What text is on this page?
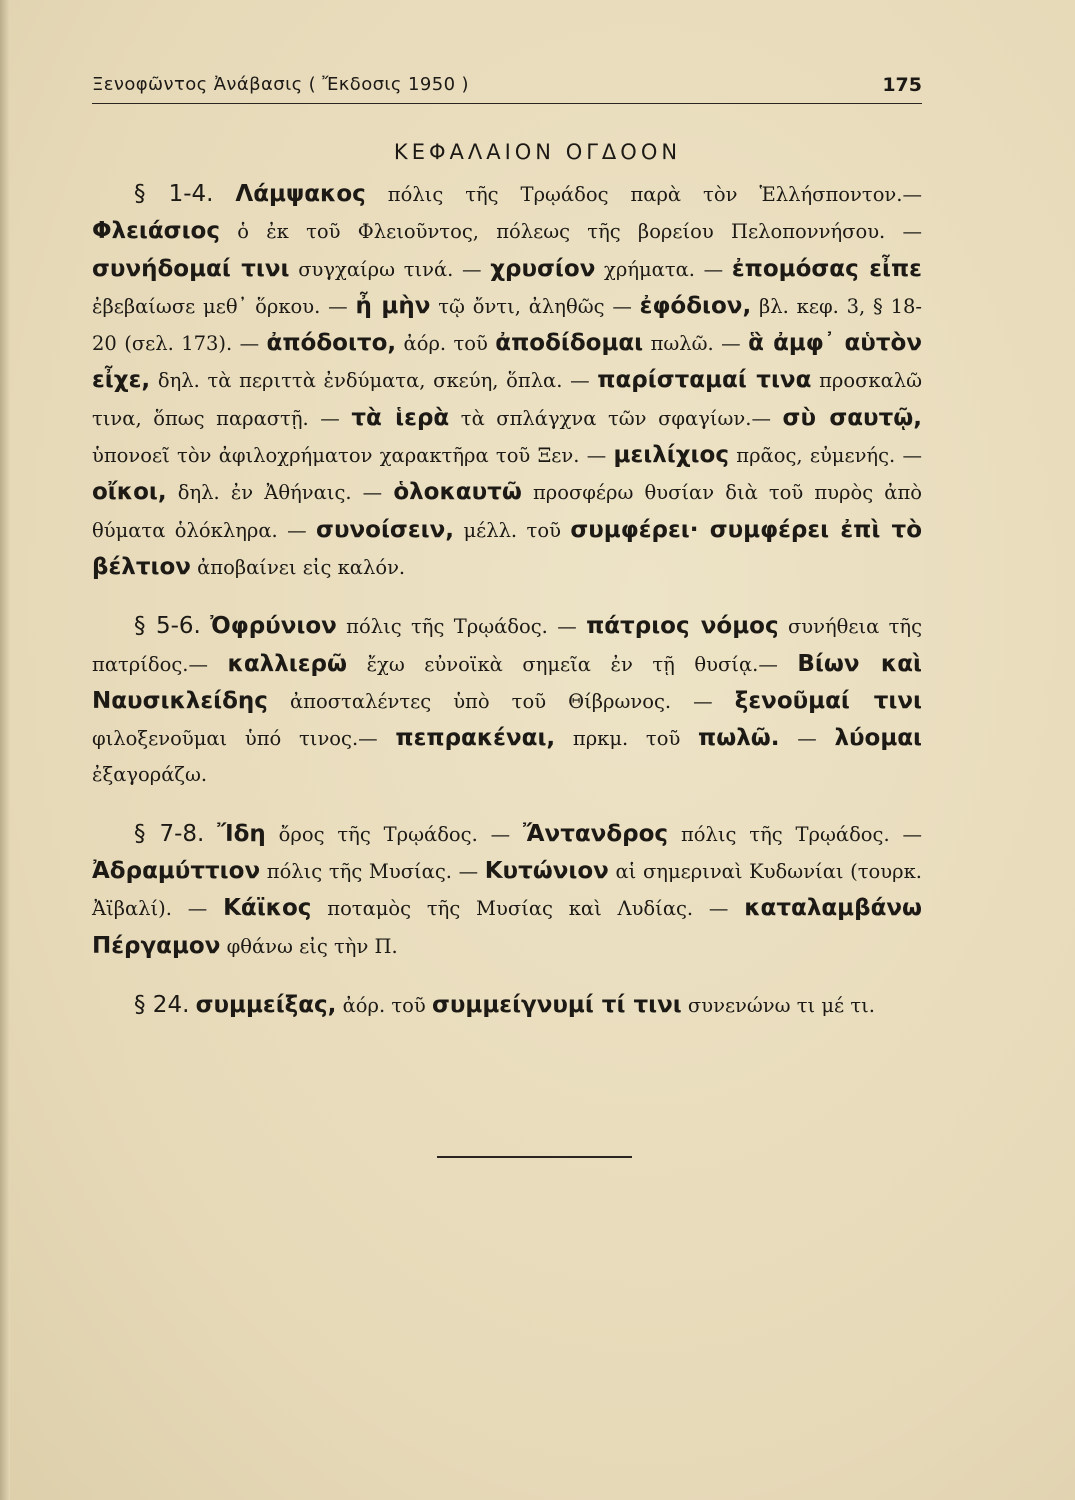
Ξενοφῶντος Ἀνάβασις ( Ἔκδοσις 1950 )	175
ΚΕΦΑΛΑΙΟΝ ΟΓΔΟΟΝ

§ 1-4. Λάμψακος πόλις τῆς Τρῳάδος παρὰ τὸν Ἑλλήσποντον.— Φλειάσιος ὁ ἐκ τοῦ Φλειοῦντος, πόλεως τῆς βορείου Πελοποννήσου. — συνήδομαί τινι συγχαίρω τινά. — χρυσίον χρήματα. — ἐπομόσας εἶπε ἐβεβαίωσε μεθ᾽ ὅρκου. — ἦ μὴν τῷ ὄντι, ἀληθῶς — ἐφόδιον, βλ. κεφ. 3, § 18-20 (σελ. 173). — ἀπόδοιτο, ἀόρ. τοῦ ἀποδίδομαι πωλῶ. — ἃ ἀμφ᾽ αὑτὸν εἶχε, δηλ. τὰ περιττὰ ἐνδύματα, σκεύη, ὅπλα. — παρίσταμαί τινα προσκαλῶ τινα, ὅπως παραστῇ. — τὰ ἱερὰ τὰ σπλάγχνα τῶν σφαγίων.— σὺ σαυτῷ, ὑπονοεῖ τὸν ἀφιλοχρήματον χαρακτῆρα τοῦ Ξεν. — μειλίχιος πρᾶος, εὐμενής. — οἴκοι, δηλ. ἐν Ἀθήναις. — ὁλοκαυτῶ προσφέρω θυσίαν διὰ τοῦ πυρὸς ἀπὸ θύματα ὁλόκληρα. — συνοίσειν, μέλλ. τοῦ συμφέρει· συμφέρει ἐπὶ τὸ βέλτιον ἀποβαίνει εἰς καλόν.

§ 5-6. Ὀφρύνιον πόλις τῆς Τρῳάδος. — πάτριος νόμος συνήθεια τῆς πατρίδος.— καλλιερῶ ἔχω εὐνοϊκὰ σημεῖα ἐν τῇ θυσίᾳ.— Βίων καὶ Ναυσικλείδης ἀποσταλέντες ὑπὸ τοῦ Θίβρωνος. — ξενοῦμαί τινι φιλοξενοῦμαι ὑπό τινος.— πεπρακέναι, πρκμ. τοῦ πωλῶ. — λύομαι ἐξαγοράζω.

§ 7-8. Ἴδη ὄρος τῆς Τρῳάδος. — Ἄντανδρος πόλις τῆς Τρῳάδος. — Ἀδραμύττιον πόλις τῆς Μυσίας. — Κυτώνιον αἱ σημεριναὶ Κυδωνίαι (τουρκ. Ἀϊβαλί). — Κάϊκος ποταμὸς τῆς Μυσίας καὶ Λυδίας. — καταλαμβάνω Πέργαμον φθάνω εἰς τὴν Π.

§ 24. συμμείξας, ἀόρ. τοῦ συμμείγνυμί τί τινι συνενώνω τι μέ τι.
